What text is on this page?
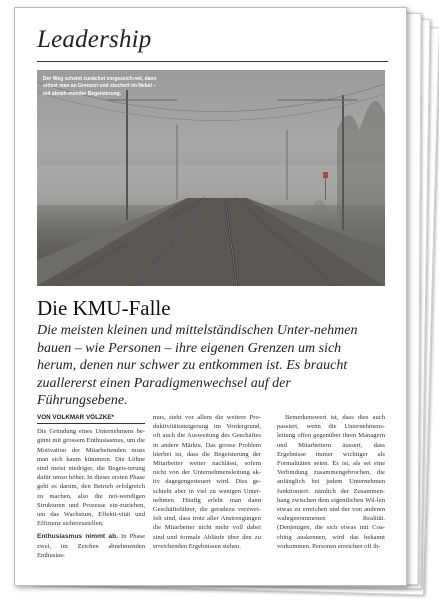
Leadership
Der Weg scheint zunächst vorgezeich-net, dann stösst man an Grenzen und stochert im Nebel – mit abneh-mender Begeisterung.
Die KMU-Falle
Die meisten kleinen und mittelständischen Unter-nehmen bauen – wie Personen – ihre eigenen Grenzen um sich herum, denen nur schwer zu entkommen ist. Es braucht zuallererst einen Paradigmenwechsel auf der Führungsebene.
VON VOLKMAR VÖLZKE*

Die Gründung eines Unternehmens be-ginnt mit grossem Enthusiasmus, um die Motivation der Mitarbeitenden muss man sich kaum kümmern. Die Löhne sind meist niedriger, die Begeis-terung dafür umso höher. In dieser ersten Phase geht es darum, den Betrieb erfolgreich zu machen, also die not-wendigen Strukturen und Prozesse ein-zuziehen, um das Wachstum, Effekti-vität und Effizienz sicherzustellen.

Enthusiasmus nimmt ab. In Phase zwei, im Zeichen abnehmenden Enthusias-

mus, steht vor allem die weitere Pro-duktivitätssteigerung im Vordergrund, oft auch die Ausweitung des Geschäftes in andere Märkte. Das grosse Problem hierbei ist, dass die Begeisterung der Mitarbeiter weiter nachlässt, sofern nicht von der Unternehmensleitung ak-tiv dagegengesteuert wird. Dies ge-schieht aber in viel zu wenigen Unter-nehmen. Häufig erlebt man dann Geschäftsführer, die geradezu verzwei-felt sind, dass trotz aller Anstrengungen die Mitarbeiter nicht mehr voll dabei sind und formale Abläufe über den zu erreichenden Ergebnissen stehen.

Bemerkenswert ist, dass dies auch passiert, wenn die Unternehmens-leitung offen gegenüber ihren Managern und Mitarbeitern äussert, dass Ergebnisse immer wichtiger als Formalitäten seien. Es ist, als sei eine Verbindung zusammengebrochen, die anfänglich bei jedem Unternehmen funktioniert: nämlich der Zusammen-hang zwischen dem eigentlichen Wil-len etwas zu erreichen und der von anderen wahrgenommenen Realität. (Denjenigen, die sich etwas mit Coa-ching auskennen, wird das bekannt vorkommen. Personen erreichen oft ih-
